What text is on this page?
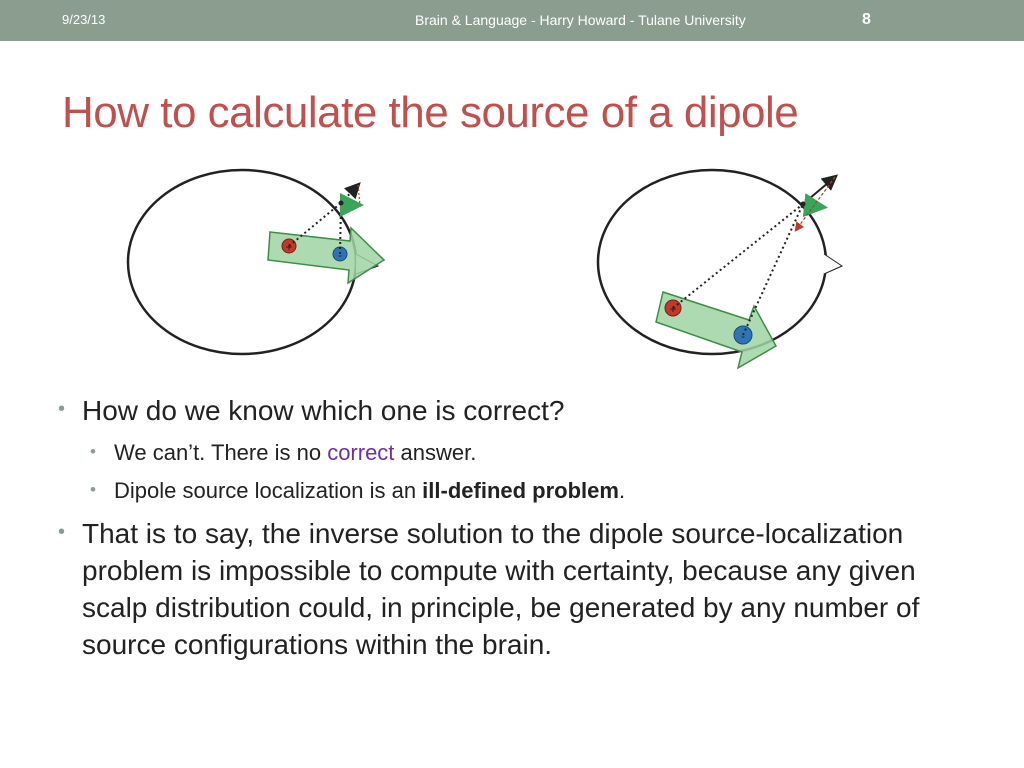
9/23/13	Brain & Language - Harry Howard - Tulane University	8
How to calculate the source of a dipole
+
-
+
-
• How do we know which one is correct?
• We can’t. There is no correct answer.
• Dipole source localization is an ill-defined problem.
• That is to say, the inverse solution to the dipole source-localization problem is impossible to compute with certainty, because any given scalp distribution could, in principle, be generated by any number of source configurations within the brain.
